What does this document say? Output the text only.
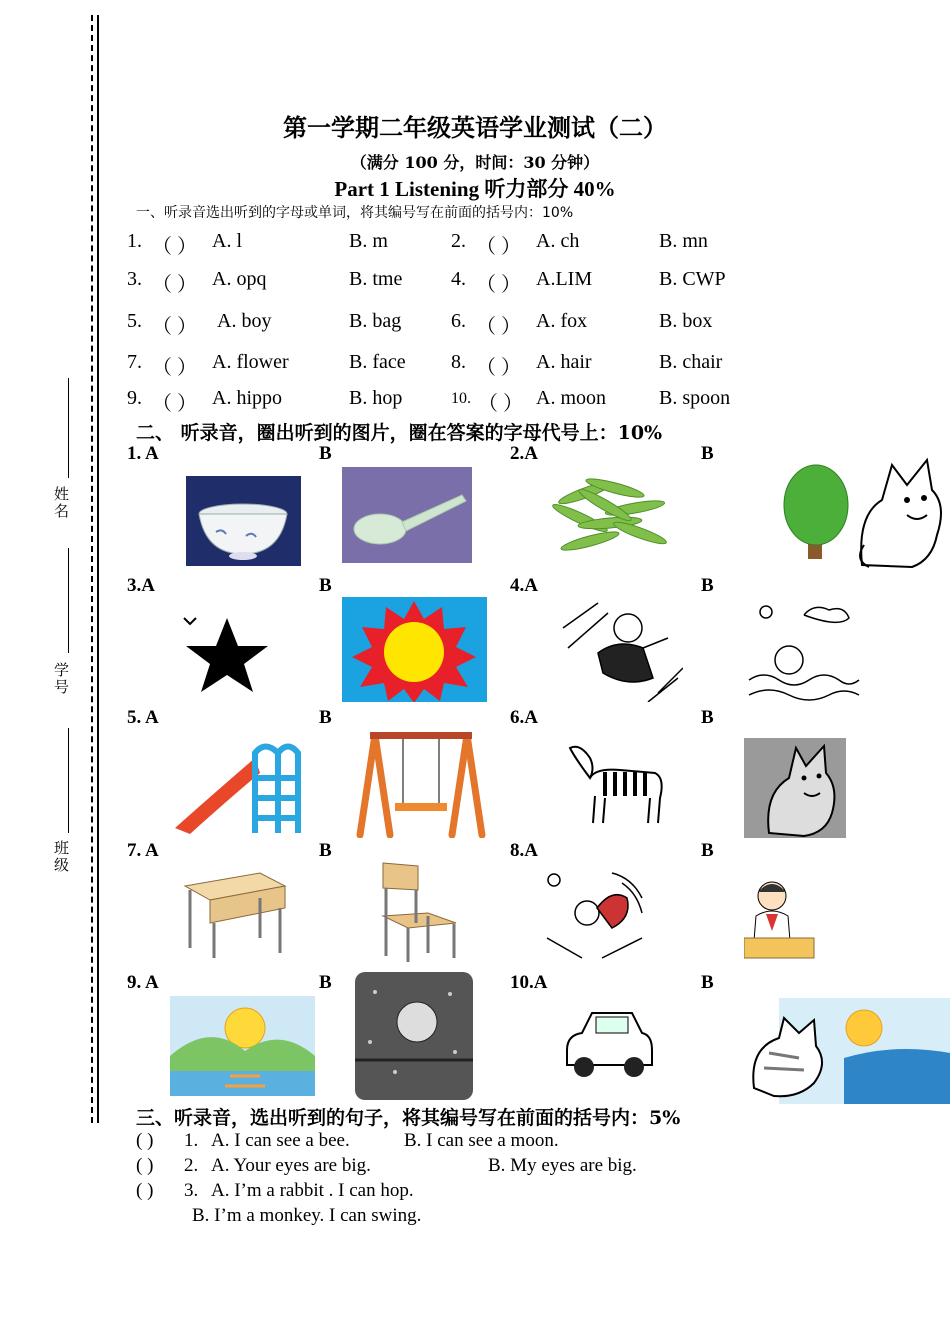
姓名
学号
班级
第一学期二年级英语学业测试（二）
（满分 100 分，时间：30 分钟）
Part 1 Listening 听力部分 40%
一、听录音选出听到的字母或单词，将其编号写在前面的括号内：10%
1. （ ） A. l	B. m	2. （ ） A. ch	B. mn
3. （ ） A. opq	B. tme 4. （ ） A.LIM	B. CWP
5. （ ） A. boy	B. bag 6. （ ） A. fox	B. box
7. （ ） A. flower	B. face 8. （ ） A. hair	B. chair
9. （ ） A. hippo	B. hop	10. （ ） A. moon	B. spoon
二、 听录音，圈出听到的图片，圈在答案的字母代号上：10%
1. A	B	2.A	B
3.A	B	4.A	B
5. A	B	6.A	B
7. A	B	8.A	B
9. A	B	10.A	B
三、听录音，选出听到的句子，将其编号写在前面的括号内：5%
( ) 1. A. I can see a bee.	B. I can see a moon.
( ) 2. A. Your eyes are big.	B. My eyes are big.
( ) 3. A. I’m a rabbit . I can hop.
B. I’m a monkey. I can swing.
